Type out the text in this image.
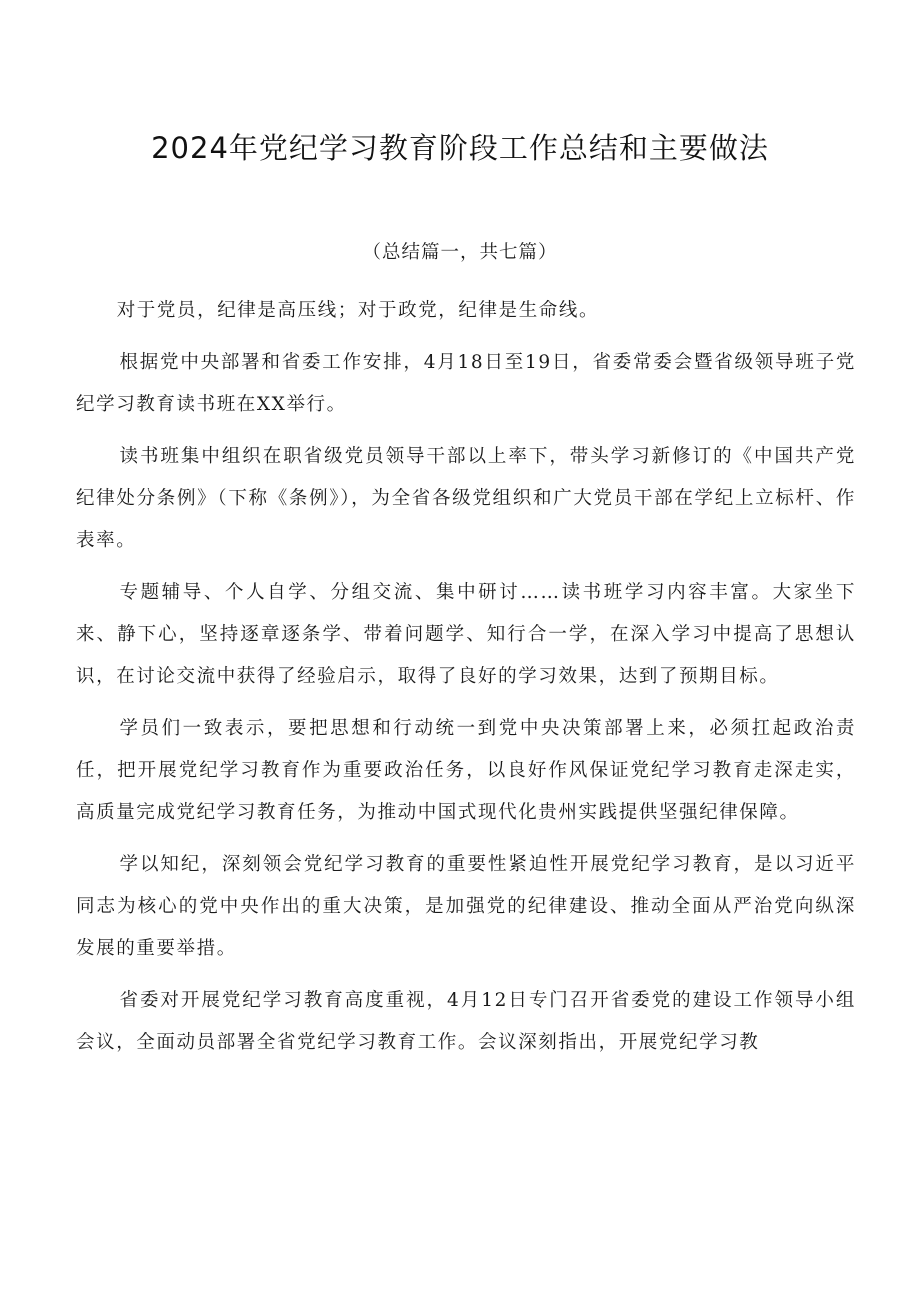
2024年党纪学习教育阶段工作总结和主要做法

（总结篇一，共七篇）

对于党员，纪律是高压线；对于政党，纪律是生命线。

根据党中央部署和省委工作安排，4月18日至19日，省委常委会暨省级领导班子党纪学习教育读书班在XX举行。

读书班集中组织在职省级党员领导干部以上率下，带头学习新修订的《中国共产党纪律处分条例》（下称《条例》），为全省各级党组织和广大党员干部在学纪上立标杆、作表率。

专题辅导、个人自学、分组交流、集中研讨……读书班学习内容丰富。大家坐下来、静下心，坚持逐章逐条学、带着问题学、知行合一学，在深入学习中提高了思想认识，在讨论交流中获得了经验启示，取得了良好的学习效果，达到了预期目标。

学员们一致表示，要把思想和行动统一到党中央决策部署上来，必须扛起政治责任，把开展党纪学习教育作为重要政治任务，以良好作风保证党纪学习教育走深走实，高质量完成党纪学习教育任务，为推动中国式现代化贵州实践提供坚强纪律保障。

学以知纪，深刻领会党纪学习教育的重要性紧迫性开展党纪学习教育，是以习近平同志为核心的党中央作出的重大决策，是加强党的纪律建设、推动全面从严治党向纵深发展的重要举措。

省委对开展党纪学习教育高度重视，4月12日专门召开省委党的建设工作领导小组会议，全面动员部署全省党纪学习教育工作。会议深刻指出，开展党纪学习教
